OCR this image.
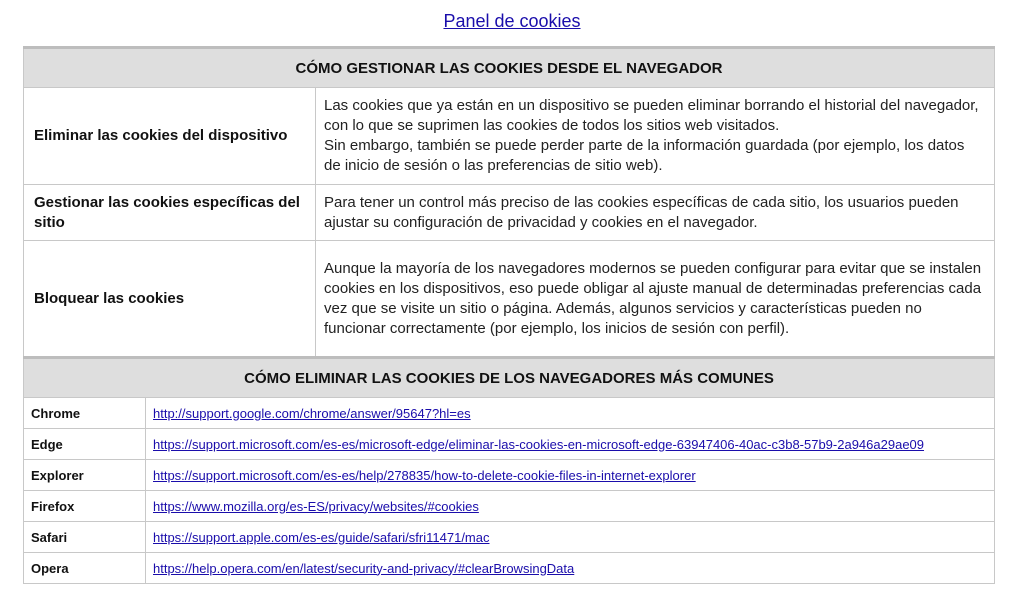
Panel de cookies
CÓMO GESTIONAR LAS COOKIES DESDE EL NAVEGADOR	
Eliminar las cookies del dispositivo	Las cookies que ya están en un dispositivo se pueden eliminar borrando el historial del navegador, con lo que se suprimen las cookies de todos los sitios web visitados.
Sin embargo, también se puede perder parte de la información guardada (por ejemplo, los datos de inicio de sesión o las preferencias de sitio web).

Gestionar las cookies específicas del sitio	Para tener un control más preciso de las cookies específicas de cada sitio, los usuarios pueden ajustar su configuración de privacidad y cookies en el navegador.

Bloquear las cookies	Aunque la mayoría de los navegadores modernos se pueden configurar para evitar que se instalen cookies en los dispositivos, eso puede obligar al ajuste manual de determinadas preferencias cada vez que se visite un sitio o página. Además, algunos servicios y características pueden no funcionar correctamente (por ejemplo, los inicios de sesión con perfil).
CÓMO ELIMINAR LAS COOKIES DE LOS NAVEGADORES MÁS COMUNES	
Chrome	http://support.google.com/chrome/answer/95647?hl=es
Edge	https://support.microsoft.com/es-es/microsoft-edge/eliminar-las-cookies-en-microsoft-edge-63947406-40ac-c3b8-57b9-2a946a29ae09
Explorer	https://support.microsoft.com/es-es/help/278835/how-to-delete-cookie-files-in-internet-explorer
Firefox	https://www.mozilla.org/es-ES/privacy/websites/#cookies
Safari	https://support.apple.com/es-es/guide/safari/sfri11471/mac
Opera	https://help.opera.com/en/latest/security-and-privacy/#clearBrowsingData
